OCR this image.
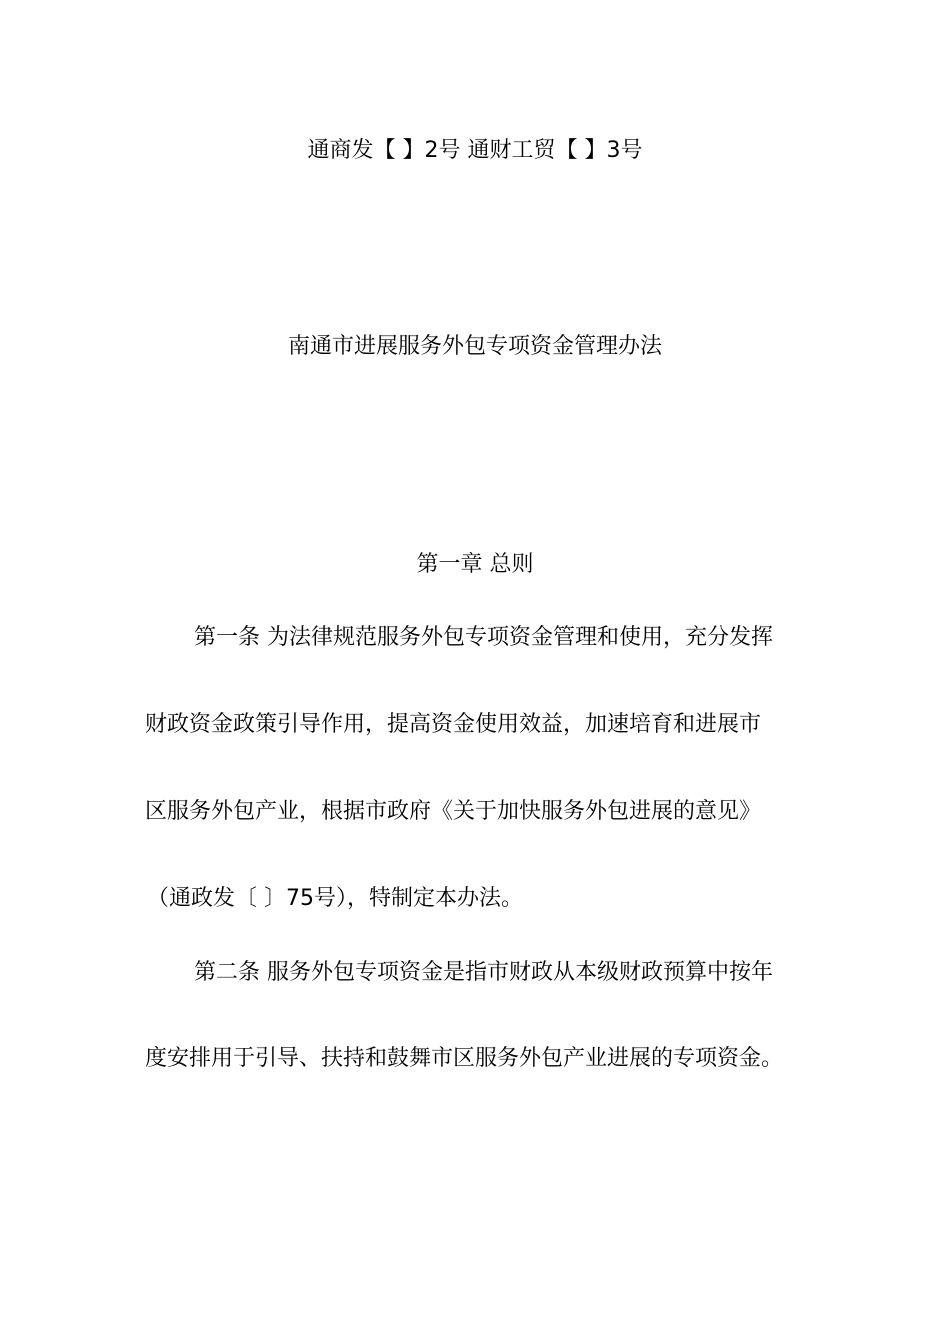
通商发【 】2号 通财工贸【 】3号
南通市进展服务外包专项资金管理办法
第一章 总则
第一条 为法律规范服务外包专项资金管理和使用，充分发挥
财政资金政策引导作用，提高资金使用效益，加速培育和进展市
区服务外包产业，根据市政府《关于加快服务外包进展的意见》
（通政发〔 〕75号），特制定本办法。
第二条 服务外包专项资金是指市财政从本级财政预算中按年
度安排用于引导、扶持和鼓舞市区服务外包产业进展的专项资金。
